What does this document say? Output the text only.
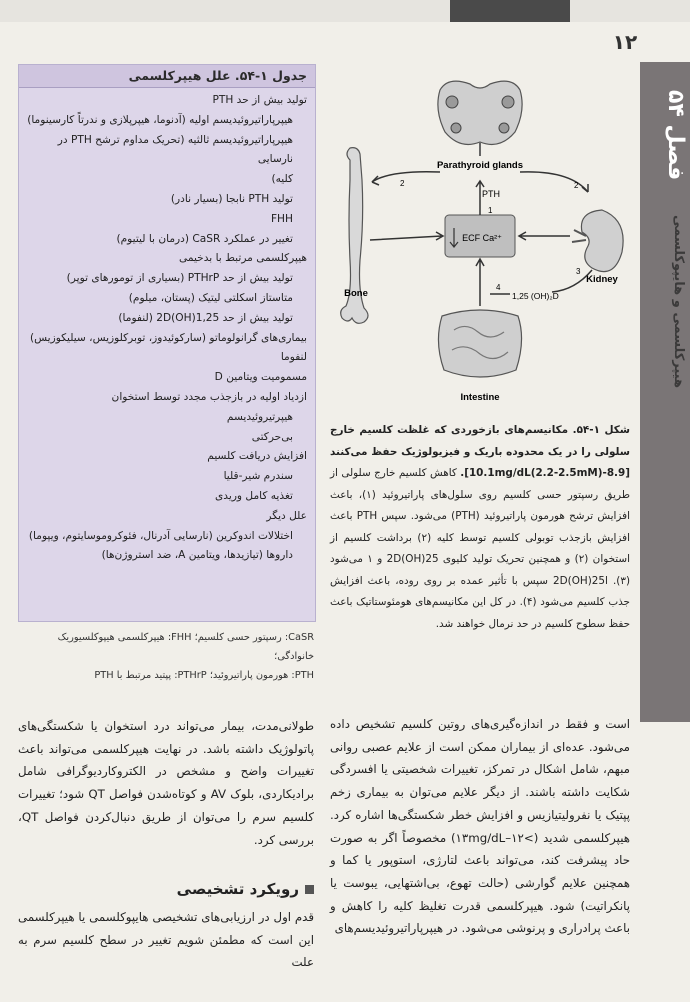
۱۲
فصل ۵۴
هیپرکلسمی و هایپوکلسمی
جدول ۱-۵۴. علل هیپرکلسمی
تولید بیش از حد PTH
هیپرپاراتیروئیدیسم اولیه (آدنوما، هیپرپلازی و ندرتاً کارسینوما)
هیپرپاراتیروئیدیسم ثالثیه (تحریک مداوم ترشح PTH در نارسایی
کلیه)
تولید PTH نابجا (بسیار نادر)
FHH
تغییر در عملکرد CaSR (درمان با لیتیوم)
هیپرکلسمی مرتبط با بدخیمی
تولید بیش از حد PTHrP (بسیاری از تومورهای توپر)
متاستاز اسکلتی لیتیک (پستان، میلوم)
تولید بیش از حد 1,25(OH)2D (لنفوما)
بیماری‌های گرانولوماتو (سارکوئیدوز، توبرکلوزیس، سیلیکوزیس)
لنفوما
مسمومیت ویتامین D
ازدیاد اولیه در بازجذب مجدد توسط استخوان
هیپرتیروئیدیسم
بی‌حرکتی
افزایش دریافت کلسیم
سندرم شیر-قلیا
تغذیه کامل وریدی
علل دیگر
اختلالات اندوکرین (نارسایی آدرنال، فئوکروموسایتوم، ویپوما)
داروها (تیازیدها، ویتامین A، ضد استروژن‌ها)
CaSR: رسپتور حسی کلسیم؛ FHH: هیپرکلسمی هیپوکلسیوریک خانوادگی؛
PTH: هورمون پاراتیروئید؛ PTHrP: پپتید مرتبط با PTH
Parathyroid glands
Bone
ECF Ca²⁺
PTH
1
2	2
Kidney
3
1,25 (OH)₂D
4
Intestine
شکل ۱-۵۴. مکانیسم‌های بازخوردی که غلظت کلسیم خارج سلولی را در یک محدوده باریک و فیزیولوژیک حفظ می‌کنند [8.9-10.1mg/dL(2.2-2.5mM)]. کاهش کلسیم خارج سلولی از طریق رسپتور حسی کلسیم روی سلول‌های پاراتیروئید (۱)، باعث افزایش ترشح هورمون پاراتیروئید (PTH) می‌شود. سپس PTH باعث افزایش بازجذب توبولی کلسیم توسط کلیه (۲) برداشت کلسیم از استخوان (۲) و همچنین تحریک تولید کلیوی 25(OH)2D و ۱ می‌شود (۳). ا25(OH)2D سپس با تأثیر عمده بر روی روده، باعث افزایش جذب کلسیم می‌شود (۴). در کل این مکانیسم‌های هومئوستاتیک باعث حفظ سطوح کلسیم در حد نرمال خواهند شد.
است و فقط در اندازه‌گیری‌های روتین کلسیم تشخیص داده می‌شود. عده‌ای از بیماران ممکن است از علایم عصبی روانی مبهم، شامل اشکال در تمرکز، تغییرات شخصیتی یا افسردگی شکایت داشته باشند. از دیگر علایم می‌توان به بیماری زخم پپتیک یا نفرولیتیازیس و افزایش خطر شکستگی‌ها اشاره کرد. هیپرکلسمی شدید (>۱۲–۱۳mg/dL) مخصوصاً اگر به صورت حاد پیشرفت کند، می‌تواند باعث لتارژی، استوپور یا کما و همچنین علایم گوارشی (حالت تهوع، بی‌اشتهایی، یبوست یا پانکراتیت) شود. هیپرکلسمی قدرت تغلیظ کلیه را کاهش و باعث پرادراری و پرنوشی می‌شود. در هیپرپاراتیروئیدیسم‌های
طولانی‌مدت، بیمار می‌تواند درد استخوان یا شکستگی‌های پاتولوژیک داشته باشد. در نهایت هیپرکلسمی می‌تواند باعث تغییرات واضح و مشخص در الکتروکاردیوگرافی شامل برادیکاردی، بلوک AV و کوتاه‌شدن فواصل QT شود؛ تغییرات کلسیم سرم را می‌توان از طریق دنبال‌کردن فواصل QT، بررسی کرد.
رویکرد تشخیصی
قدم اول در ارزیابی‌های تشخیصی هایپوکلسمی یا هیپرکلسمی این است که مطمئن شویم تغییر در سطح کلسیم سرم به علت
